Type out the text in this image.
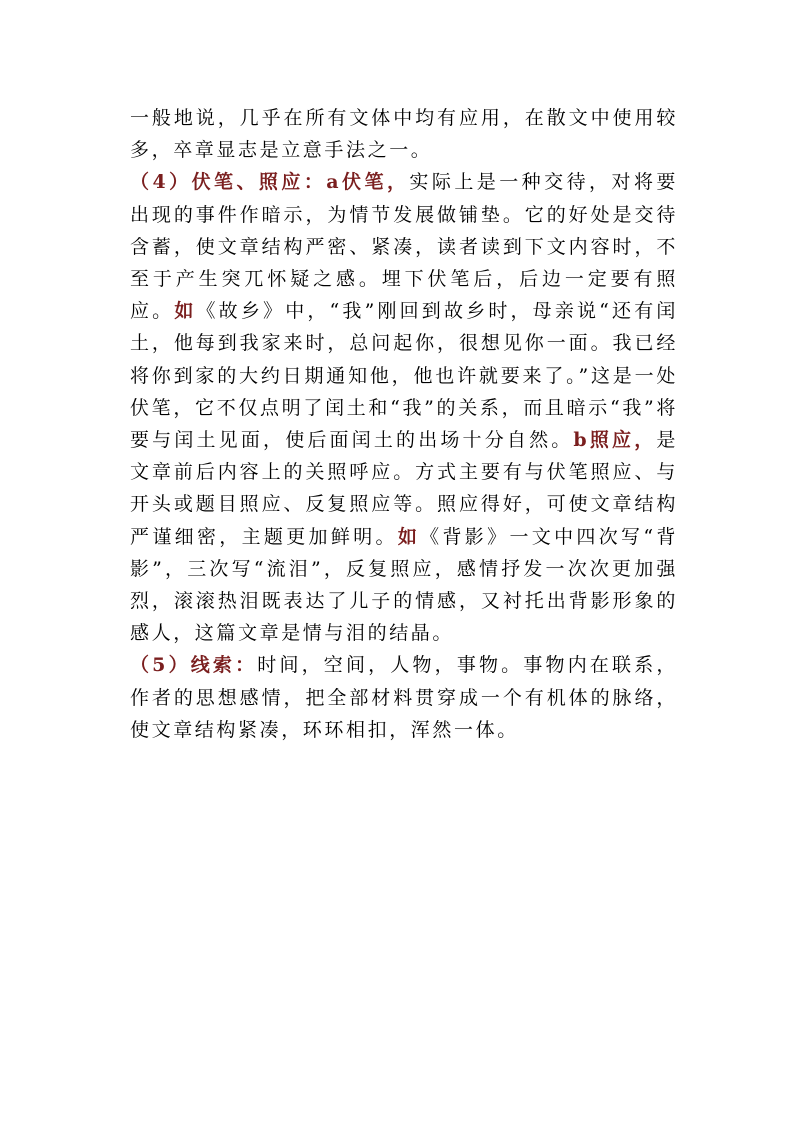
一般地说，几乎在所有文体中均有应用，在散文中使用较多，卒章显志是立意手法之一。

（4）伏笔、照应：a伏笔，实际上是一种交待，对将要出现的事件作暗示，为情节发展做铺垫。它的好处是交待含蓄，使文章结构严密、紧凑，读者读到下文内容时，不至于产生突兀怀疑之感。埋下伏笔后，后边一定要有照应。如《故乡》中，“我”刚回到故乡时，母亲说“还有闰土，他每到我家来时，总问起你，很想见你一面。我已经将你到家的大约日期通知他，他也许就要来了。”这是一处伏笔，它不仅点明了闰土和“我”的关系，而且暗示“我”将要与闰土见面，使后面闰土的出场十分自然。b照应，是文章前后内容上的关照呼应。方式主要有与伏笔照应、与开头或题目照应、反复照应等。照应得好，可使文章结构严谨细密，主题更加鲜明。如《背影》一文中四次写“背影”，三次写“流泪”，反复照应，感情抒发一次次更加强烈，滚滚热泪既表达了儿子的情感，又衬托出背影形象的感人，这篇文章是情与泪的结晶。

（5）线索：时间，空间，人物，事物。事物内在联系，作者的思想感情，把全部材料贯穿成一个有机体的脉络，使文章结构紧凑，环环相扣，浑然一体。
